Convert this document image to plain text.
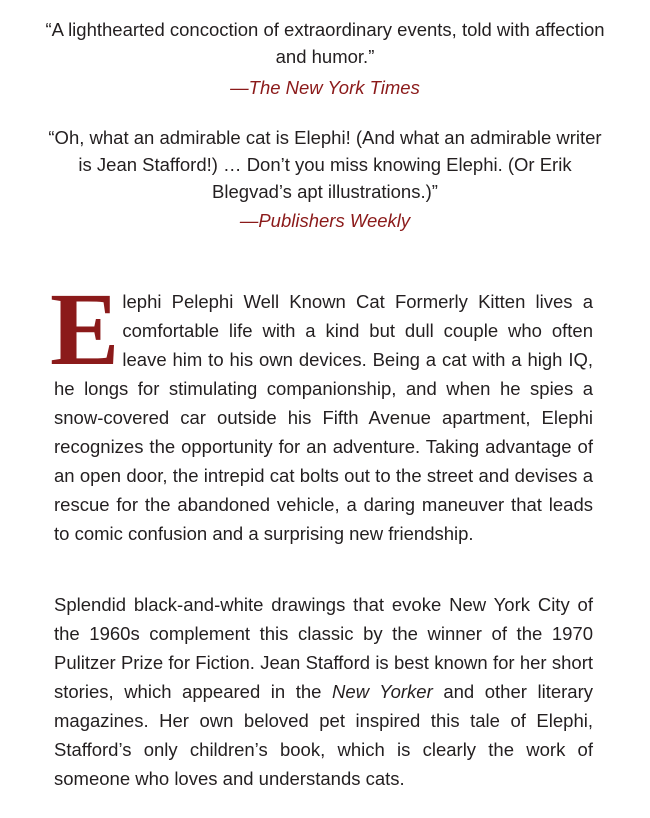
“A lighthearted concoction of extraordinary events, told with affection and humor.”
—The New York Times
“Oh, what an admirable cat is Elephi! (And what an admirable writer is Jean Stafford!) … Don’t you miss knowing Elephi. (Or Erik Blegvad’s apt illustrations.)”
—Publishers Weekly

Elephi Pelephi Well Known Cat Formerly Kitten lives a comfortable life with a kind but dull couple who often leave him to his own devices. Being a cat with a high IQ, he longs for stimulating companionship, and when he spies a snow-covered car outside his Fifth Avenue apartment, Elephi recognizes the opportunity for an adventure. Taking advantage of an open door, the intrepid cat bolts out to the street and devises a rescue for the abandoned vehicle, a daring maneuver that leads to comic confusion and a surprising new friendship.

Splendid black-and-white drawings that evoke New York City of the 1960s complement this classic by the winner of the 1970 Pulitzer Prize for Fiction. Jean Stafford is best known for her short stories, which appeared in the New Yorker and other literary magazines. Her own beloved pet inspired this tale of Elephi, Stafford’s only children’s book, which is clearly the work of someone who loves and understands cats.
